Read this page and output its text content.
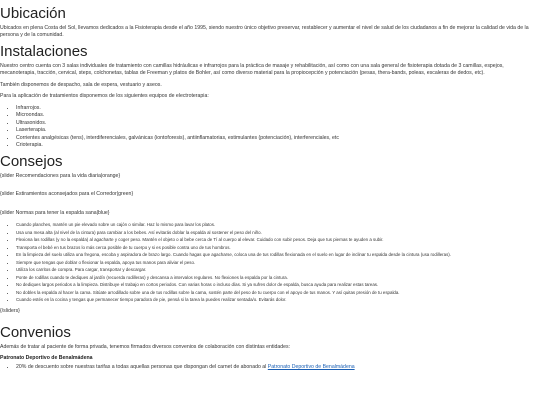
Ubicación

Ubicados en plena Costa del Sol, llevamos dedicados a la Fisioterapia desde el año 1995, siendo nuestro único objetivo preservar, restablecer y aumentar el nivel de salud de los ciudadanos a fin de mejorar la calidad de vida de la persona y de la comunidad.

Instalaciones

Nuestro centro cuenta con 3 salas individuales de tratamiento con camillas hidráulicas e infrarrojos para la práctica de masaje y rehabilitación, así como con una sala general de fisioterapia dotada de 3 camillas, espejos, mecanoterapia, tracción, cervical, steps, colchonetas, tablas de Freeman y platos de Bohler, así como diverso material para la propiocepción y potenciación (pesas, thera-bands, poleas, escaleras de dedos, etc).

También disponemos de despacho, sala de espera, vestuario y aseos.

Para la aplicación de tratamientos disponemos de los siguientes equipos de electroterapia:

• Infrarrojos.
• Microondas.
• Ultrasonidos.
• Laserterapia.
• Corrientes analgésicas (tens), interdiferenciales, galvánicas (iontoforesis), antiinflamatorias, estimulantes (potenciación), interferenciales, etc
• Crioterapia.
Consejos

{slider Recomendaciones para la vida diaria|orange}

{slider Estiramientos aconsejados para el Corredor|green}

{slider Normas para tener la espalda sana|blue}

• Cuando planches, mantén un pie elevado sobre un cajón o similar. Haz lo mismo para lavar los platos.
• Usa una mesa alta (al nivel de la cintura) para cambiar a los bebes. Así evitarás doblar la espalda al sostener el peso del niño.
• Flexiona las rodillas (y no la espalda) al agacharte y coger peso. Mantén el objeto o al bebe cerca de Tí al cuerpo al elevar. Cuidado con subir pesos. Deja que tus piernas te ayuden a subir.
• Transporta el bebé en tus brazos lo más cerca posible de tu cuerpo y si es posible contra uno de tus hombros.
• En la limpieza del suelo utiliza una fregona, escoba y aspiradora de brazo largo. Cuando hagas que agacharse, coloca una de tus rodillas flexionada en el suelo en lugar de inclinar tu espalda desde la cintura (usa rodilleras).
• Siempre que tengas que doblar o flexionar la espalda, apoya tus manos para aliviar el peso.
• Utiliza los carritos de compra. Para cargar, transportar y descargar.
• Ponte de rodillas cuando te dediques al jardín (recuerda rodilleras) y descansa a intervalos regulares. No flexiones la espalda por la cintura.
• No dediques largos periodos a la limpieza. Distribuye el trabajo en cortos periodos. Con varias horas o incluso días. Si ya sufres dolor de espalda, busca ayuda para realizar estas tareas.
• No dobles la espalda al hacer la cama. Sitúate arrodillado sobre una de tus rodillas sobre la cama, sostén parte del peso de tu cuerpo con el apoyo de tus manos. Y así quitas presión de tu espalda.
• Cuando estés en la cocina y tengas que permanecer tiempo paradora de pie, pensá si la tarea la puedes realizar sentada/o. Evitarás dolor.

{/sliders}

Convenios

Además de tratar al paciente de forma privada, tenemos firmados diversos convenios de colaboración con distintas entidades:

Patronato Deportivo de Benalmádena

• 20% de descuento sobre nuestras tarifas a todas aquellas personas que dispongan del carnet de abonado al Patronato Deportivo de Benalmádena
